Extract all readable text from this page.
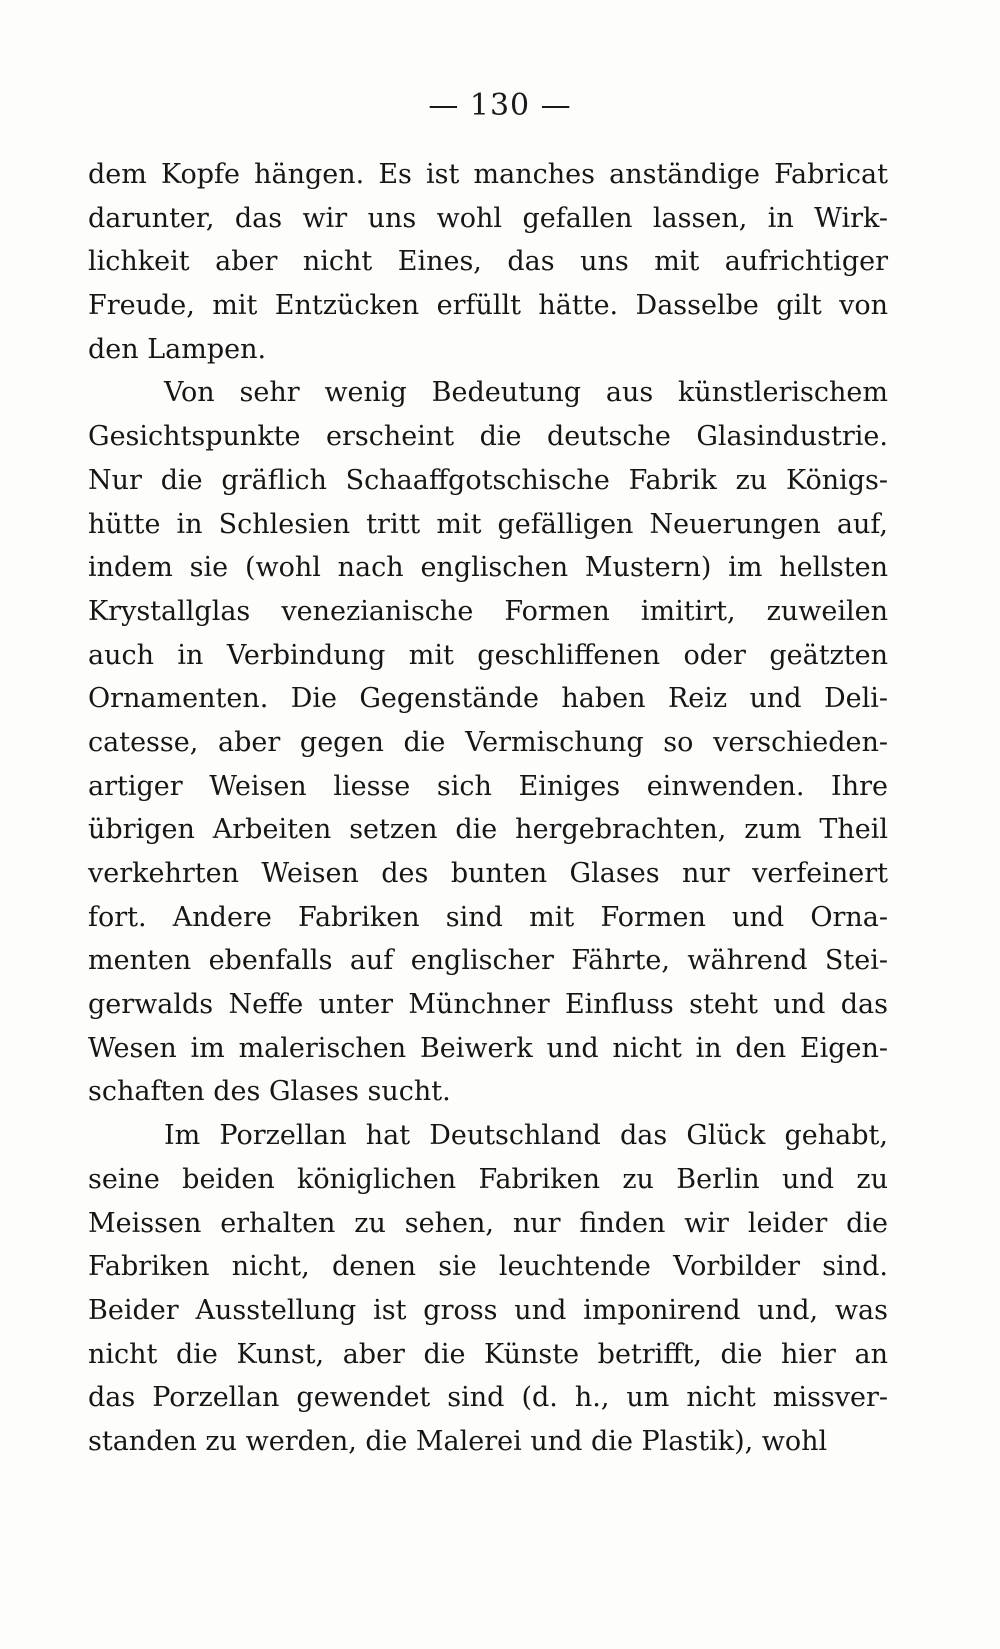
— 130 —
dem Kopfe hängen. Es ist manches anständige Fabricat
darunter, das wir uns wohl gefallen lassen, in Wirk-
lichkeit aber nicht Eines, das uns mit aufrichtiger
Freude, mit Entzücken erfüllt hätte. Dasselbe gilt von
den Lampen.
Von sehr wenig Bedeutung aus künstlerischem
Gesichtspunkte erscheint die deutsche Glasindustrie.
Nur die gräflich Schaaffgotschische Fabrik zu Königs-
hütte in Schlesien tritt mit gefälligen Neuerungen auf,
indem sie (wohl nach englischen Mustern) im hellsten
Krystallglas venezianische Formen imitirt, zuweilen
auch in Verbindung mit geschliffenen oder geätzten
Ornamenten. Die Gegenstände haben Reiz und Deli-
catesse, aber gegen die Vermischung so verschieden-
artiger Weisen liesse sich Einiges einwenden. Ihre
übrigen Arbeiten setzen die hergebrachten, zum Theil
verkehrten Weisen des bunten Glases nur verfeinert
fort. Andere Fabriken sind mit Formen und Orna-
menten ebenfalls auf englischer Fährte, während Stei-
gerwalds Neffe unter Münchner Einfluss steht und das
Wesen im malerischen Beiwerk und nicht in den Eigen-
schaften des Glases sucht.
Im Porzellan hat Deutschland das Glück gehabt,
seine beiden königlichen Fabriken zu Berlin und zu
Meissen erhalten zu sehen, nur finden wir leider die
Fabriken nicht, denen sie leuchtende Vorbilder sind.
Beider Ausstellung ist gross und imponirend und, was
nicht die Kunst, aber die Künste betrifft, die hier an
das Porzellan gewendet sind (d. h., um nicht missver-
standen zu werden, die Malerei und die Plastik), wohl
